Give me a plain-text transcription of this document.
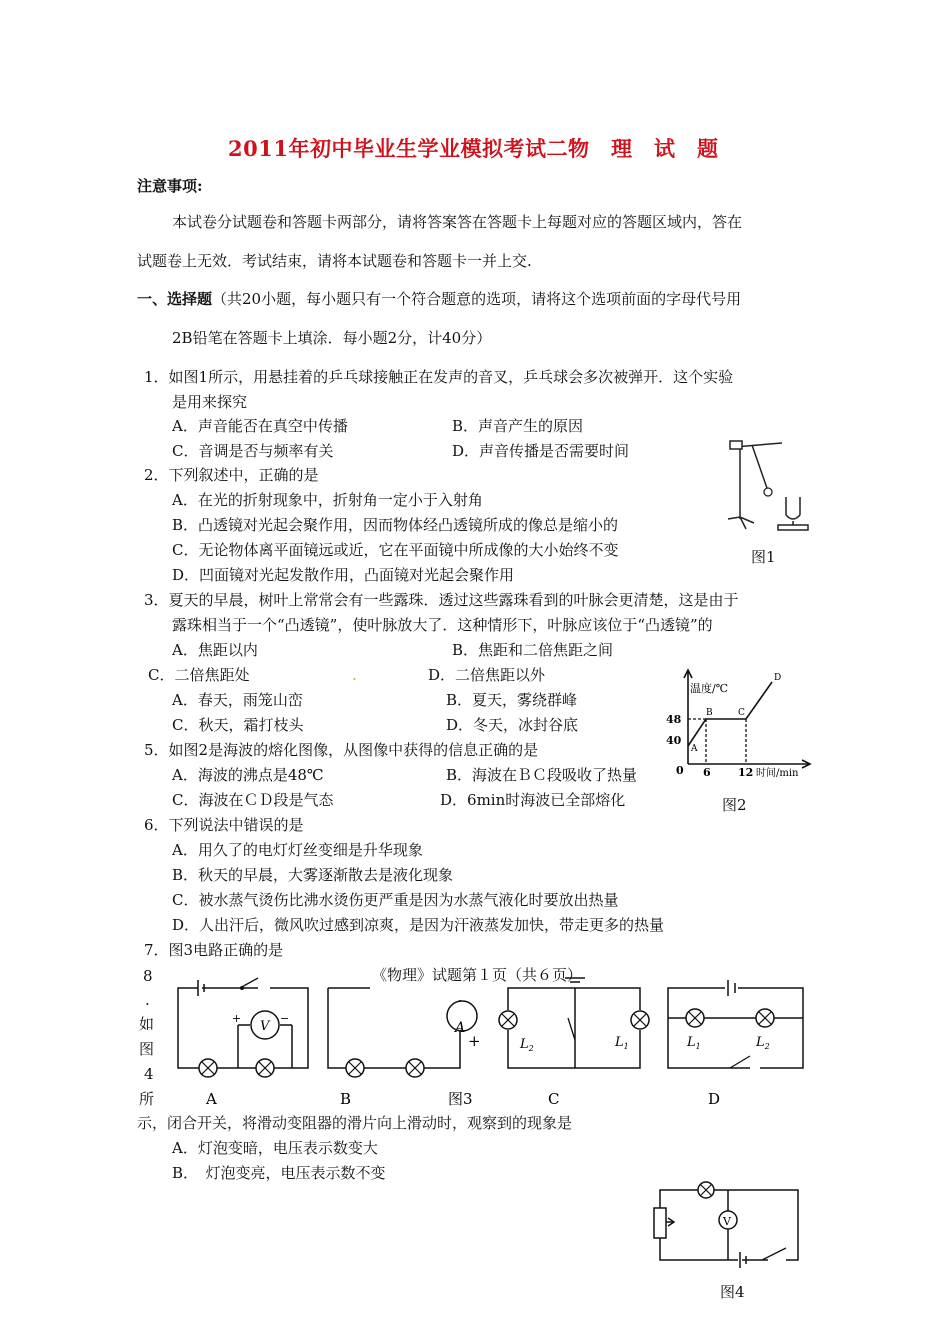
2011年初中毕业生学业模拟考试二物　理　试　题
注意事项:
本试卷分试题卷和答题卡两部分，请将答案答在答题卡上每题对应的答题区域内，答在
试题卷上无效．考试结束，请将本试题卷和答题卡一并上交.
一、选择题（共20小题，每小题只有一个符合题意的选项，请将这个选项前面的字母代号用
2B铅笔在答题卡上填涂．每小题2分，计40分）
1．如图1所示，用悬挂着的乒乓球接触正在发声的音叉，乒乓球会多次被弹开．这个实验
是用来探究
A．声音能否在真空中传播	B．声音产生的原因
C．音调是否与频率有关	D．声音传播是否需要时间
2．下列叙述中，正确的是
A．在光的折射现象中，折射角一定小于入射角
B．凸透镜对光起会聚作用，因而物体经凸透镜所成的像总是缩小的
C．无论物体离平面镜远或近，它在平面镜中所成像的大小始终不变
D．凹面镜对光起发散作用，凸面镜对光起会聚作用
图1
3．夏天的早晨，树叶上常常会有一些露珠．透过这些露珠看到的叶脉会更清楚，这是由于
露珠相当于一个“凸透镜”，使叶脉放大了．这种情形下，叶脉应该位于“凸透镜”的
A．焦距以内	B．焦距和二倍焦距之间
C．二倍焦距处	.	D．二倍焦距以外
A．春天，雨笼山峦	B．夏天，雾绕群峰
C．秋天，霜打枝头	D．冬天，冰封谷底
温度/℃
48
40
0 6 12 时间/min
A
B	C
D
图2
5．如图2是海波的熔化图像，从图像中获得的信息正确的是
A．海波的沸点是48℃	B．海波在ＢＣ段吸收了热量
C．海波在ＣＤ段是气态	D．6min时海波已全部熔化
6．下列说法中错误的是
A．用久了的电灯灯丝变细是升华现象
B．秋天的早晨，大雾逐渐散去是液化现象
C．被水蒸气烫伤比沸水烫伤更严重是因为水蒸气液化时要放出热量
D．人出汗后，微风吹过感到凉爽，是因为汗液蒸发加快，带走更多的热量
7．图3电路正确的是
《物理》试题第１页（共６页）
8
.
如
图
4
所
V
+	−
A	B
A
+
图3
$L_2$	$L_1$
C
$L_1$	$L_2$
D
示，闭合开关，将滑动变阻器的滑片向上滑动时，观察到的现象是
A．灯泡变暗，电压表示数变大
B．　灯泡变亮，电压表示数不变
V
图4
